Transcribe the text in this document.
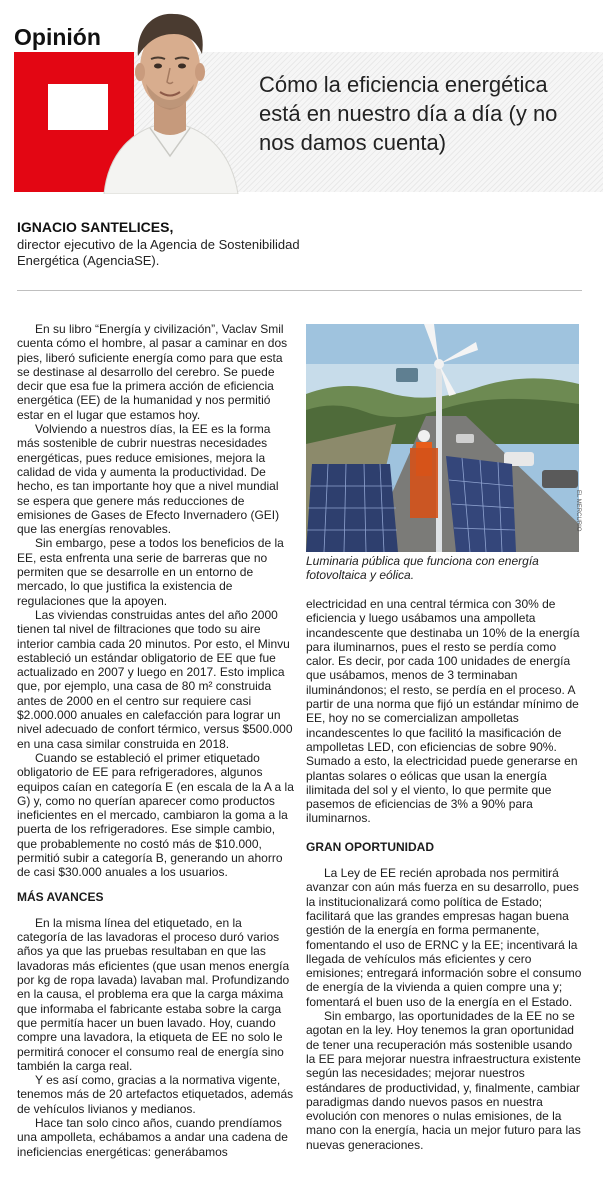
Opinión
Cómo la eficiencia energética está en nuestro día a día (y no nos damos cuenta)
IGNACIO SANTELICES,
director ejecutivo de la Agencia de Sostenibilidad Energética (AgenciaSE).

En su libro “Energía y civilización”, Vaclav Smil cuenta cómo el hombre, al pasar a caminar en dos pies, liberó suficiente energía como para que esta se destinase al desarrollo del cerebro. Se puede decir que esa fue la primera acción de eficiencia energética (EE) de la humanidad y nos permitió estar en el lugar que estamos hoy.

Volviendo a nuestros días, la EE es la forma más sostenible de cubrir nuestras necesidades energéticas, pues reduce emisiones, mejora la calidad de vida y aumenta la productividad. De hecho, es tan importante hoy que a nivel mundial se espera que genere más reducciones de emisiones de Gases de Efecto Invernadero (GEI) que las energías renovables.

Sin embargo, pese a todos los beneficios de la EE, esta enfrenta una serie de barreras que no permiten que se desarrolle en un entorno de mercado, lo que justifica la existencia de regulaciones que la apoyen.

Las viviendas construidas antes del año 2000 tienen tal nivel de filtraciones que todo su aire interior cambia cada 20 minutos. Por esto, el Minvu estableció un estándar obligatorio de EE que fue actualizado en 2007 y luego en 2017. Esto implica que, por ejemplo, una casa de 80 m² construida antes de 2000 en el centro sur requiere casi $2.000.000 anuales en calefacción para lograr un nivel adecuado de confort térmico, versus $500.000 en una casa similar construida en 2018.

Cuando se estableció el primer etiquetado obligatorio de EE para refrigeradores, algunos equipos caían en categoría E (en escala de la A a la G) y, como no querían aparecer como productos ineficientes en el mercado, cambiaron la goma a la puerta de los refrigeradores. Ese simple cambio, que probablemente no costó más de $10.000, permitió subir a categoría B, generando un ahorro de casi $30.000 anuales a los usuarios.

MÁS AVANCES

En la misma línea del etiquetado, en la categoría de las lavadoras el proceso duró varios años ya que las pruebas resultaban en que las lavadoras más eficientes (que usan menos energía por kg de ropa lavada) lavaban mal. Profundizando en la causa, el problema era que la carga máxima que informaba el fabricante estaba sobre la carga que permitía hacer un buen lavado. Hoy, cuando compre una lavadora, la etiqueta de EE no solo le permitirá conocer el consumo real de energía sino también la carga real.

Y es así como, gracias a la normativa vigente, tenemos más de 20 artefactos etiquetados, además de vehículos livianos y medianos.

Hace tan solo cinco años, cuando prendíamos una ampolleta, echábamos a andar una cadena de ineficiencias energéticas: generábamos

EL MERCURIO
Luminaria pública que funciona con energía fotovoltaica y eólica.

electricidad en una central térmica con 30% de eficiencia y luego usábamos una ampolleta incandescente que destinaba un 10% de la energía para iluminarnos, pues el resto se perdía como calor. Es decir, por cada 100 unidades de energía que usábamos, menos de 3 terminaban iluminándonos; el resto, se perdía en el proceso. A partir de una norma que fijó un estándar mínimo de EE, hoy no se comercializan ampolletas incandescentes lo que facilitó la masificación de ampolletas LED, con eficiencias de sobre 90%. Sumado a esto, la electricidad puede generarse en plantas solares o eólicas que usan la energía ilimitada del sol y el viento, lo que permite que pasemos de eficiencias de 3% a 90% para iluminarnos.

GRAN OPORTUNIDAD

La Ley de EE recién aprobada nos permitirá avanzar con aún más fuerza en su desarrollo, pues la institucionalizará como política de Estado; facilitará que las grandes empresas hagan buena gestión de la energía en forma permanente, fomentando el uso de ERNC y la EE; incentivará la llegada de vehículos más eficientes y cero emisiones; entregará información sobre el consumo de energía de la vivienda a quien compre una y; fomentará el buen uso de la energía en el Estado.

Sin embargo, las oportunidades de la EE no se agotan en la ley. Hoy tenemos la gran oportunidad de tener una recuperación más sostenible usando la EE para mejorar nuestra infraestructura existente según las necesidades; mejorar nuestros estándares de productividad, y, finalmente, cambiar paradigmas dando nuevos pasos en nuestra evolución con menores o nulas emisiones, de la mano con la energía, hacia un mejor futuro para las nuevas generaciones.
